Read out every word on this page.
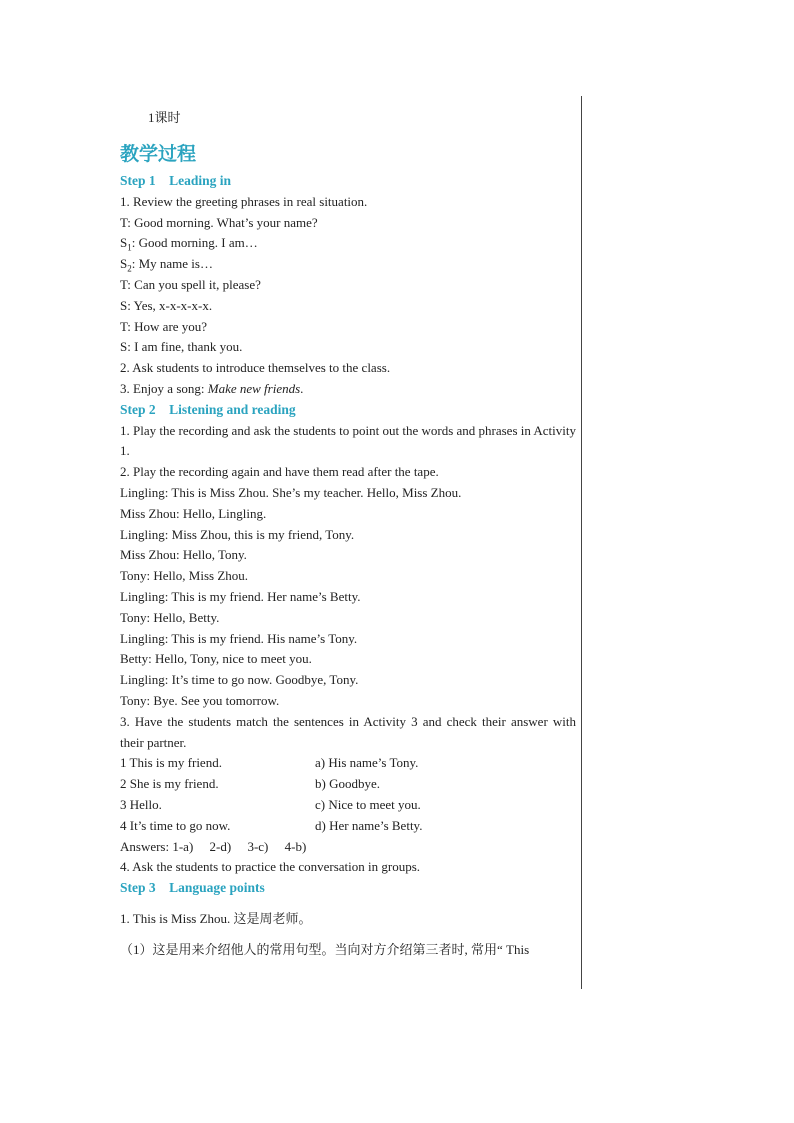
1课时
教学过程
Step 1 Leading in
1. Review the greeting phrases in real situation.
T: Good morning. What’s your name?
$S_1$: Good morning. I am…
$S_2$: My name is…
T: Can you spell it, please?
S: Yes, x-x-x-x-x.
T: How are you?
S: I am fine, thank you.
2. Ask students to introduce themselves to the class.
3. Enjoy a song: Make new friends.
Step 2 Listening and reading
1. Play the recording and ask the students to point out the words and phrases in Activity 1.
2. Play the recording again and have them read after the tape.
Lingling: This is Miss Zhou. She’s my teacher. Hello, Miss Zhou.
Miss Zhou: Hello, Lingling.
Lingling: Miss Zhou, this is my friend, Tony.
Miss Zhou: Hello, Tony.
Tony: Hello, Miss Zhou.
Lingling: This is my friend. Her name’s Betty.
Tony: Hello, Betty.
Lingling: This is my friend. His name’s Tony.
Betty: Hello, Tony, nice to meet you.
Lingling: It’s time to go now. Goodbye, Tony.
Tony: Bye. See you tomorrow.
3. Have the students match the sentences in Activity 3 and check their answer with their partner.
1 This is my friend.	a) His name’s Tony.
2 She is my friend.	b) Goodbye.
3 Hello.	c) Nice to meet you.
4 It’s time to go now.	d) Her name’s Betty.
Answers: 1-a)     2-d)     3-c)     4-b)
4. Ask the students to practice the conversation in groups.
Step 3 Language points
1. This is Miss Zhou. 这是周老师。
（1）这是用来介绍他人的常用句型。当向对方介绍第三者时, 常用“ This
